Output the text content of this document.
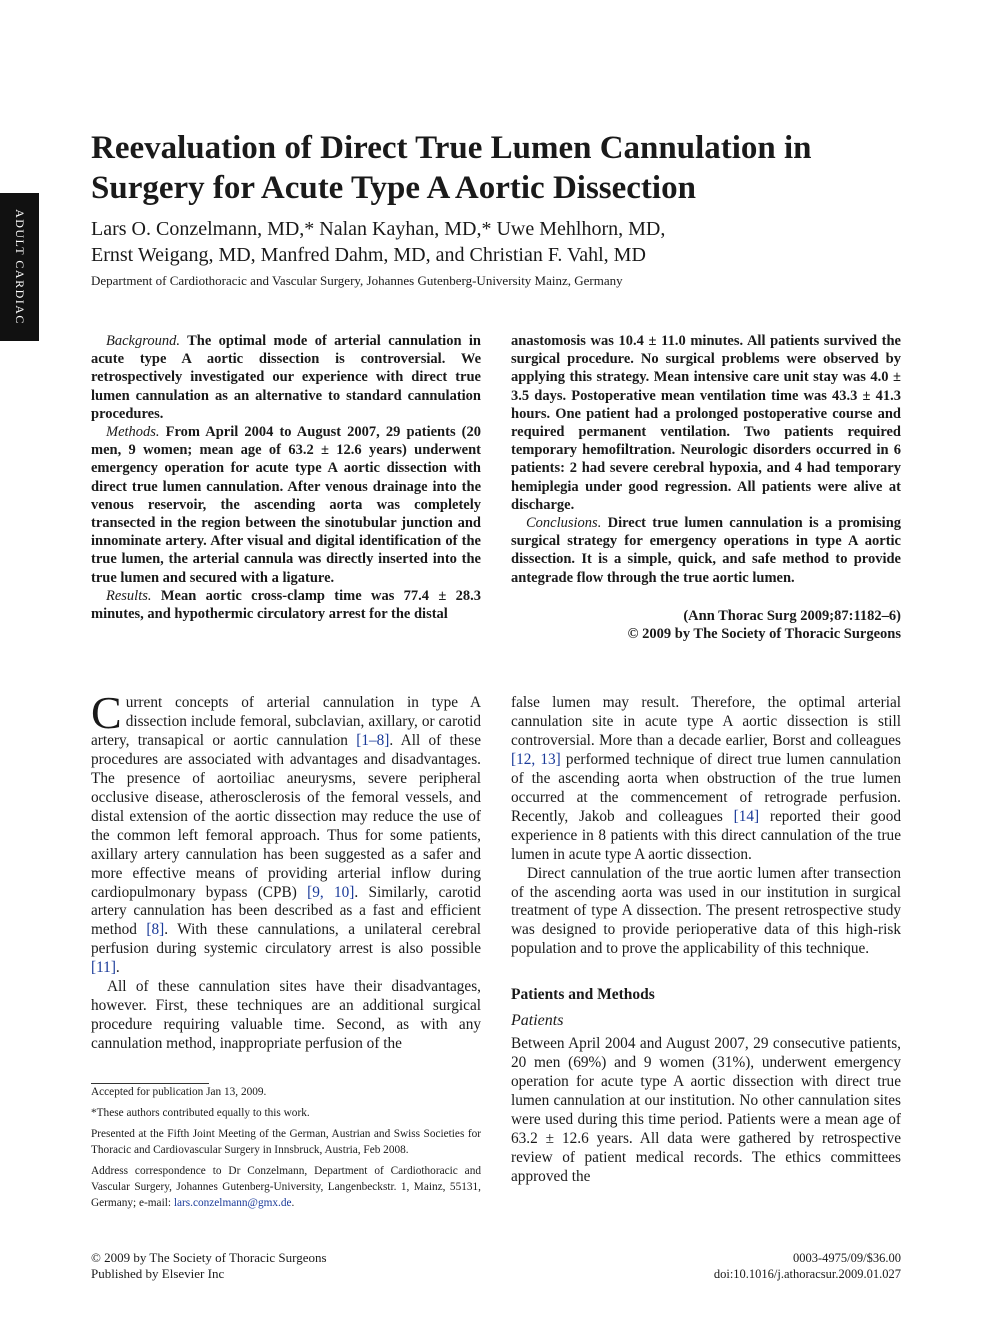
ADULT CARDIAC
Reevaluation of Direct True Lumen Cannulation in
Surgery for Acute Type A Aortic Dissection
Lars O. Conzelmann, MD,* Nalan Kayhan, MD,* Uwe Mehlhorn, MD,
Ernst Weigang, MD, Manfred Dahm, MD, and Christian F. Vahl, MD
Department of Cardiothoracic and Vascular Surgery, Johannes Gutenberg-University Mainz, Germany

Background. The optimal mode of arterial cannulation in acute type A aortic dissection is controversial. We retrospectively investigated our experience with direct true lumen cannulation as an alternative to standard cannulation procedures.

Methods. From April 2004 to August 2007, 29 patients (20 men, 9 women; mean age of 63.2 ± 12.6 years) underwent emergency operation for acute type A aortic dissection with direct true lumen cannulation. After venous drainage into the venous reservoir, the ascending aorta was completely transected in the region between the sinotubular junction and innominate artery. After visual and digital identification of the true lumen, the arterial cannula was directly inserted into the true lumen and secured with a ligature.

Results. Mean aortic cross-clamp time was 77.4 ± 28.3 minutes, and hypothermic circulatory arrest for the distal

anastomosis was 10.4 ± 11.0 minutes. All patients survived the surgical procedure. No surgical problems were observed by applying this strategy. Mean intensive care unit stay was 4.0 ± 3.5 days. Postoperative mean ventilation time was 43.3 ± 41.3 hours. One patient had a prolonged postoperative course and required permanent ventilation. Two patients required temporary hemofiltration. Neurologic disorders occurred in 6 patients: 2 had severe cerebral hypoxia, and 4 had temporary hemiplegia under good regression. All patients were alive at discharge.

Conclusions. Direct true lumen cannulation is a promising surgical strategy for emergency operations in type A aortic dissection. It is a simple, quick, and safe method to provide antegrade flow through the true aortic lumen.

(Ann Thorac Surg 2009;87:1182–6)
© 2009 by The Society of Thoracic Surgeons

Current concepts of arterial cannulation in type A dissection include femoral, subclavian, axillary, or carotid artery, transapical or aortic cannulation [1–8]. All of these procedures are associated with advantages and disadvantages. The presence of aortoiliac aneurysms, severe peripheral occlusive disease, atherosclerosis of the femoral vessels, and distal extension of the aortic dissection may reduce the use of the common left femoral approach. Thus for some patients, axillary artery cannulation has been suggested as a safer and more effective means of providing arterial inflow during cardiopulmonary bypass (CPB) [9, 10]. Similarly, carotid artery cannulation has been described as a fast and efficient method [8]. With these cannulations, a unilateral cerebral perfusion during systemic circulatory arrest is also possible [11].

All of these cannulation sites have their disadvantages, however. First, these techniques are an additional surgical procedure requiring valuable time. Second, as with any cannulation method, inappropriate perfusion of the

false lumen may result. Therefore, the optimal arterial cannulation site in acute type A aortic dissection is still controversial. More than a decade earlier, Borst and colleagues [12, 13] performed technique of direct true lumen cannulation of the ascending aorta when obstruction of the true lumen occurred at the commencement of retrograde perfusion. Recently, Jakob and colleagues [14] reported their good experience in 8 patients with this direct cannulation of the true lumen in acute type A aortic dissection.

Direct cannulation of the true aortic lumen after transection of the ascending aorta was used in our institution in surgical treatment of type A dissection. The present retrospective study was designed to provide perioperative data of this high-risk population and to prove the applicability of this technique.

Patients and Methods
Patients

Between April 2004 and August 2007, 29 consecutive patients, 20 men (69%) and 9 women (31%), underwent emergency operation for acute type A aortic dissection with direct true lumen cannulation at our institution. No other cannulation sites were used during this time period. Patients were a mean age of 63.2 ± 12.6 years. All data were gathered by retrospective review of patient medical records. The ethics committees approved the

Accepted for publication Jan 13, 2009.

*These authors contributed equally to this work.

Presented at the Fifth Joint Meeting of the German, Austrian and Swiss Societies for Thoracic and Cardiovascular Surgery in Innsbruck, Austria, Feb 2008.

Address correspondence to Dr Conzelmann, Department of Cardiothoracic and Vascular Surgery, Johannes Gutenberg-University, Langenbeckstr. 1, Mainz, 55131, Germany; e-mail: lars.conzelmann@gmx.de.

© 2009 by The Society of Thoracic Surgeons
Published by Elsevier Inc
0003-4975/09/$36.00
doi:10.1016/j.athoracsur.2009.01.027
